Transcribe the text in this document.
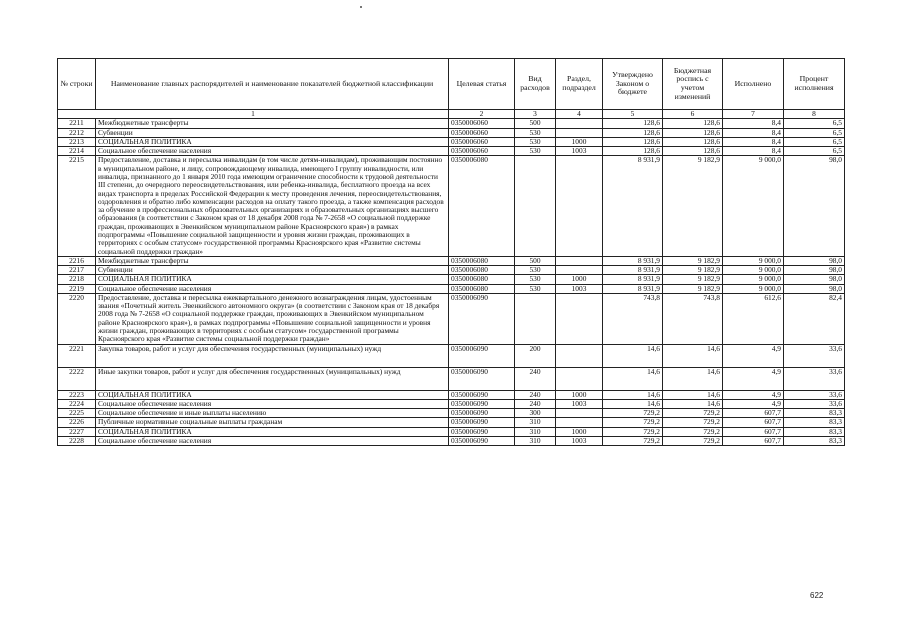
№ строки	Наименование главных распорядителей и наименование показателей бюджетной классификации	Целевая статья	Вид расходов	Раздел, подраздел	Утверждено Законом о бюджете	Бюджетная роспись с учетом изменений	Исполнено	Процент исполнения
1		2	3	4	5	6	7	8
2211	Межбюджетные трансферты	0350006060	500		128,6	128,6	8,4	6,5
2212	Субвенции	0350006060	530		128,6	128,6	8,4	6,5
2213	СОЦИАЛЬНАЯ ПОЛИТИКА	0350006060	530	1000	128,6	128,6	8,4	6,5
2214	Социальное обеспечение населения	0350006060	530	1003	128,6	128,6	8,4	6,5
2215	Предоставление, доставка и пересылка инвалидам (в том числе детям-инвалидам), проживающим постоянно в муниципальном районе, и лицу, сопровождающему инвалида, имеющего I группу инвалидности, или инвалида, признанного до 1 января 2010 года имеющим ограничение способности к трудовой деятельности III степени, до очередного переосвидетельствования, или ребенка-инвалида, бесплатного проезда на всех видах транспорта в пределах Российской Федерации к месту проведения лечения, переосвидетельствования, оздоровления и обратно либо компенсации расходов на оплату такого проезда, а также компенсация расходов за обучение в профессиональных образовательных организациях и образовательных организациях высшего образования (в соответствии с Законом края от 18 декабря 2008 года № 7-2658 «О социальной поддержке граждан, проживающих в Эвенкийском муниципальном районе Красноярского края») в рамках подпрограммы «Повышение социальной защищенности и уровня жизни граждан, проживающих в территориях с особым статусом» государственной программы Красноярского края «Развитие системы социальной поддержки граждан»	0350006080			8 931,9	9 182,9	9 000,0	98,0
2216	Межбюджетные трансферты	0350006080	500		8 931,9	9 182,9	9 000,0	98,0
2217	Субвенции	0350006080	530		8 931,9	9 182,9	9 000,0	98,0
2218	СОЦИАЛЬНАЯ ПОЛИТИКА	0350006080	530	1000	8 931,9	9 182,9	9 000,0	98,0
2219	Социальное обеспечение населения	0350006080	530	1003	8 931,9	9 182,9	9 000,0	98,0
2220	Предоставление, доставка и пересылка ежеквартального денежного вознаграждения лицам, удостоенным звания «Почетный житель Эвенкийского автономного округа» (в соответствии с Законом края от 18 декабря 2008 года № 7-2658 «О социальной поддержке граждан, проживающих в Эвенкийском муниципальном районе Красноярского края»), в рамках подпрограммы «Повышение социальной защищенности и уровня жизни граждан, проживающих в территориях с особым статусом» государственной программы Красноярского края «Развитие системы социальной поддержки граждан»	0350006090			743,8	743,8	612,6	82,4
2221	Закупка товаров, работ и услуг для обеспечения государственных (муниципальных) нужд	0350006090	200		14,6	14,6	4,9	33,6
2222	Иные закупки товаров, работ и услуг для обеспечения государственных (муниципальных) нужд	0350006090	240		14,6	14,6	4,9	33,6
2223	СОЦИАЛЬНАЯ ПОЛИТИКА	0350006090	240	1000	14,6	14,6	4,9	33,6
2224	Социальное обеспечение населения	0350006090	240	1003	14,6	14,6	4,9	33,6
2225	Социальное обеспечение и иные выплаты населению	0350006090	300		729,2	729,2	607,7	83,3
2226	Публичные нормативные социальные выплаты гражданам	0350006090	310		729,2	729,2	607,7	83,3
2227	СОЦИАЛЬНАЯ ПОЛИТИКА	0350006090	310	1000	729,2	729,2	607,7	83,3
2228	Социальное обеспечение населения	0350006090	310	1003	729,2	729,2	607,7	83,3
622
